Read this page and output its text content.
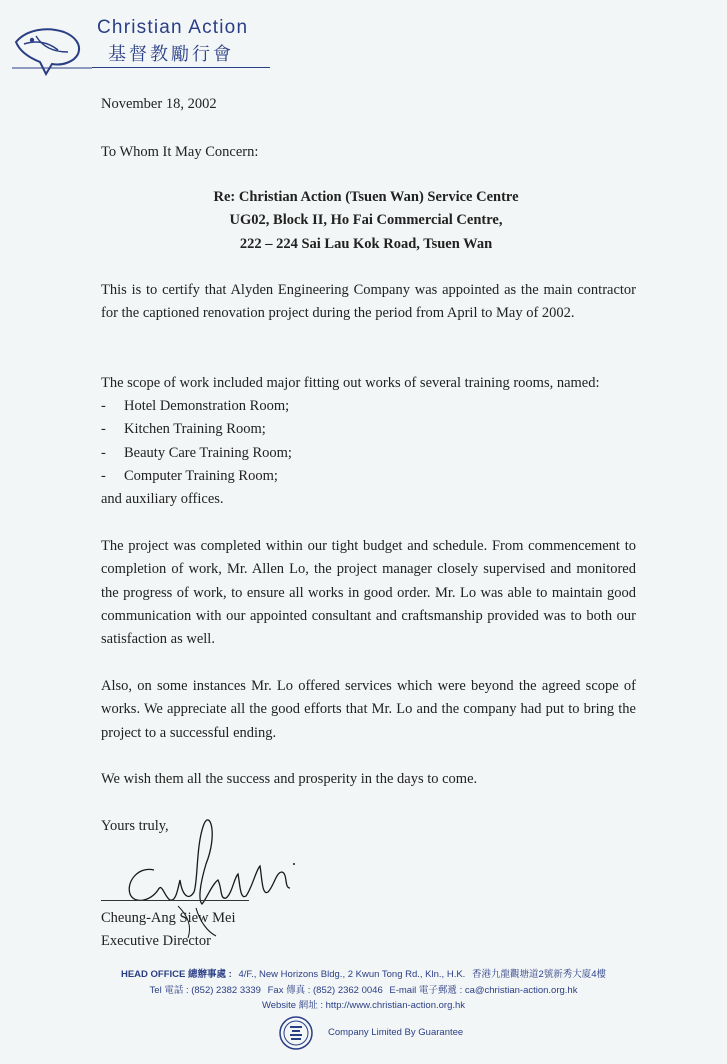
Christian Action
基督教勵行會
November 18, 2002
To Whom It May Concern:
Re: Christian Action (Tsuen Wan) Service Centre
UG02, Block II, Ho Fai Commercial Centre,
222 – 224 Sai Lau Kok Road, Tsuen Wan
This is to certify that Alyden Engineering Company was appointed as the main contractor for the captioned renovation project during the period from April to May of 2002.
The scope of work included major fitting out works of several training rooms, named:
- Hotel Demonstration Room;
- Kitchen Training Room;
- Beauty Care Training Room;
- Computer Training Room;
and auxiliary offices.
The project was completed within our tight budget and schedule. From commencement to completion of work, Mr. Allen Lo, the project manager closely supervised and monitored the progress of work, to ensure all works in good order. Mr. Lo was able to maintain good communication with our appointed consultant and craftsmanship provided was to both our satisfaction as well.
Also, on some instances Mr. Lo offered services which were beyond the agreed scope of works. We appreciate all the good efforts that Mr. Lo and the company had put to bring the project to a successful ending.
We wish them all the success and prosperity in the days to come.
Yours truly,
Cheung-Ang Siew Mei
Executive Director
HEAD OFFICE 總辦事處 : 4/F., New Horizons Bldg., 2 Kwun Tong Rd., Kln., H.K. 香港九龍觀塘道2號新秀大廈4樓
Tel 電話 : (852) 2382 3339 Fax 傳真 : (852) 2362 0046 E-mail 電子郵遞 : ca@christian-action.org.hk
Website 網址 : http://www.christian-action.org.hk
Company Limited By Guarantee
